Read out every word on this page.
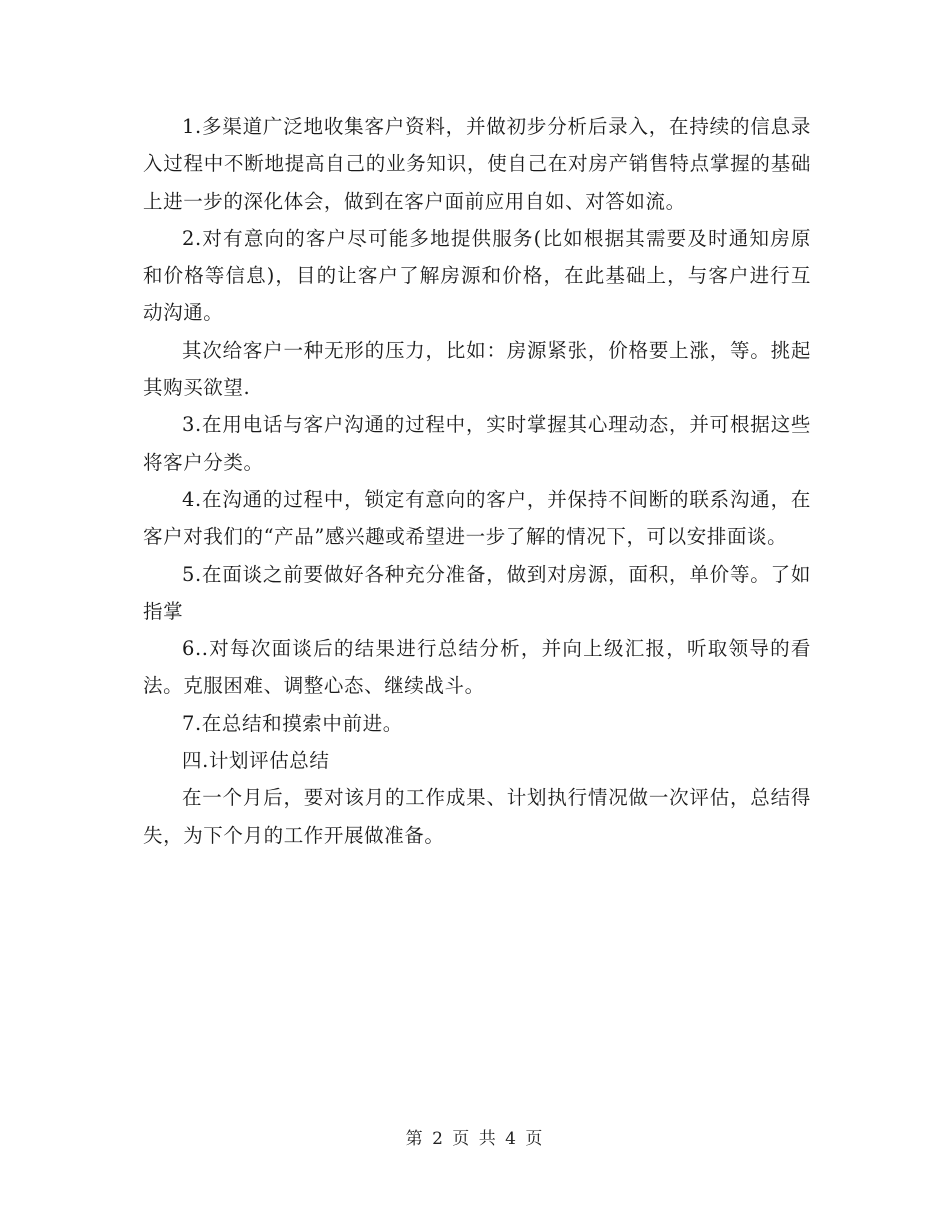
1.多渠道广泛地收集客户资料，并做初步分析后录入，在持续的信息录入过程中不断地提高自己的业务知识，使自己在对房产销售特点掌握的基础上进一步的深化体会，做到在客户面前应用自如、对答如流。

2.对有意向的客户尽可能多地提供服务(比如根据其需要及时通知房原和价格等信息)，目的让客户了解房源和价格，在此基础上，与客户进行互动沟通。

其次给客户一种无形的压力，比如：房源紧张，价格要上涨，等。挑起其购买欲望.

3.在用电话与客户沟通的过程中，实时掌握其心理动态，并可根据这些将客户分类。

4.在沟通的过程中，锁定有意向的客户，并保持不间断的联系沟通，在客户对我们的“产品”感兴趣或希望进一步了解的情况下，可以安排面谈。

5.在面谈之前要做好各种充分准备，做到对房源，面积，单价等。了如指掌

6..对每次面谈后的结果进行总结分析，并向上级汇报，听取领导的看法。克服困难、调整心态、继续战斗。

7.在总结和摸索中前进。

四.计划评估总结

在一个月后，要对该月的工作成果、计划执行情况做一次评估，总结得失，为下个月的工作开展做准备。

第 2 页 共 4 页
